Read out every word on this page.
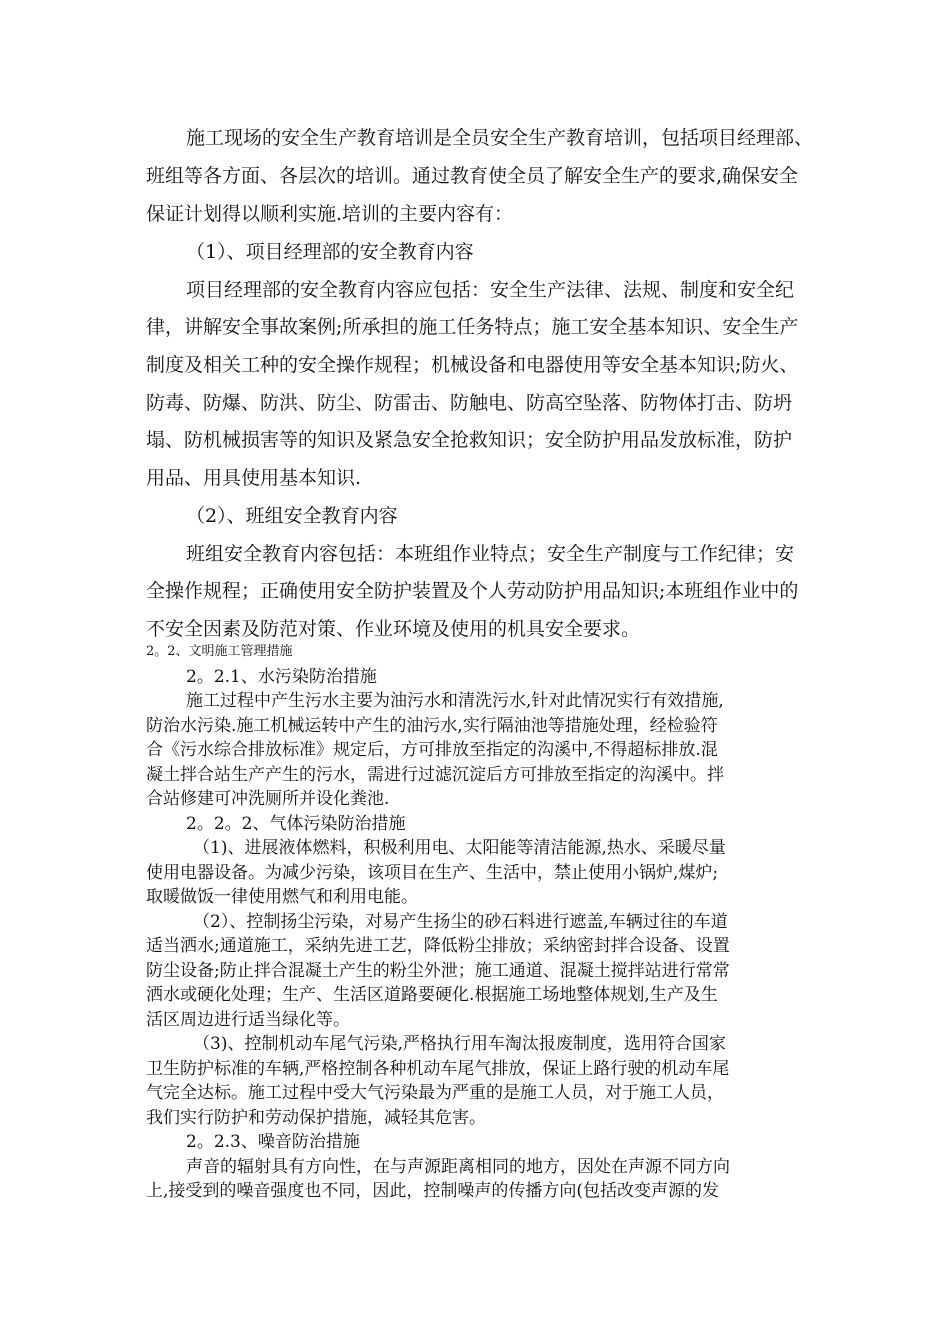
施工现场的安全生产教育培训是全员安全生产教育培训，包括项目经理部、
班组等各方面、各层次的培训。通过教育使全员了解安全生产的要求,确保安全
保证计划得以顺利实施.培训的主要内容有：
（1）、项目经理部的安全教育内容
项目经理部的安全教育内容应包括：安全生产法律、法规、制度和安全纪
律，讲解安全事故案例;所承担的施工任务特点；施工安全基本知识、安全生产
制度及相关工种的安全操作规程；机械设备和电器使用等安全基本知识;防火、
防毒、防爆、防洪、防尘、防雷击、防触电、防高空坠落、防物体打击、防坍
塌、防机械损害等的知识及紧急安全抢救知识；安全防护用品发放标准，防护
用品、用具使用基本知识.
（2）、班组安全教育内容
班组安全教育内容包括：本班组作业特点；安全生产制度与工作纪律；安
全操作规程；正确使用安全防护装置及个人劳动防护用品知识;本班组作业中的
不安全因素及防范对策、作业环境及使用的机具安全要求。
2。2、文明施工管理措施
2。2.1、水污染防治措施
施工过程中产生污水主要为油污水和清洗污水,针对此情况实行有效措施,
防治水污染.施工机械运转中产生的油污水,实行隔油池等措施处理，经检验符
合《污水综合排放标准》规定后，方可排放至指定的沟溪中,不得超标排放.混
凝土拌合站生产产生的污水，需进行过滤沉淀后方可排放至指定的沟溪中。拌
合站修建可冲洗厕所并设化粪池.
2。2。2、气体污染防治措施
（1)、进展液体燃料，积极利用电、太阳能等清洁能源,热水、采暖尽量
使用电器设备。为减少污染，该项目在生产、生活中，禁止使用小锅炉,煤炉;
取暖做饭一律使用燃气和利用电能。
（2）、控制扬尘污染，对易产生扬尘的砂石料进行遮盖,车辆过往的车道
适当洒水;通道施工，采纳先进工艺，降低粉尘排放；采纳密封拌合设备、设置
防尘设备;防止拌合混凝土产生的粉尘外泄；施工通道、混凝土搅拌站进行常常
洒水或硬化处理；生产、生活区道路要硬化.根据施工场地整体规划,生产及生
活区周边进行适当绿化等。
（3)、控制机动车尾气污染,严格执行用车淘汰报废制度，选用符合国家
卫生防护标准的车辆,严格控制各种机动车尾气排放，保证上路行驶的机动车尾
气完全达标。施工过程中受大气污染最为严重的是施工人员，对于施工人员，
我们实行防护和劳动保护措施，减轻其危害。
2。2.3、噪音防治措施
声音的辐射具有方向性，在与声源距离相同的地方，因处在声源不同方向
上,接受到的噪音强度也不同，因此，控制噪声的传播方向(包括改变声源的发
